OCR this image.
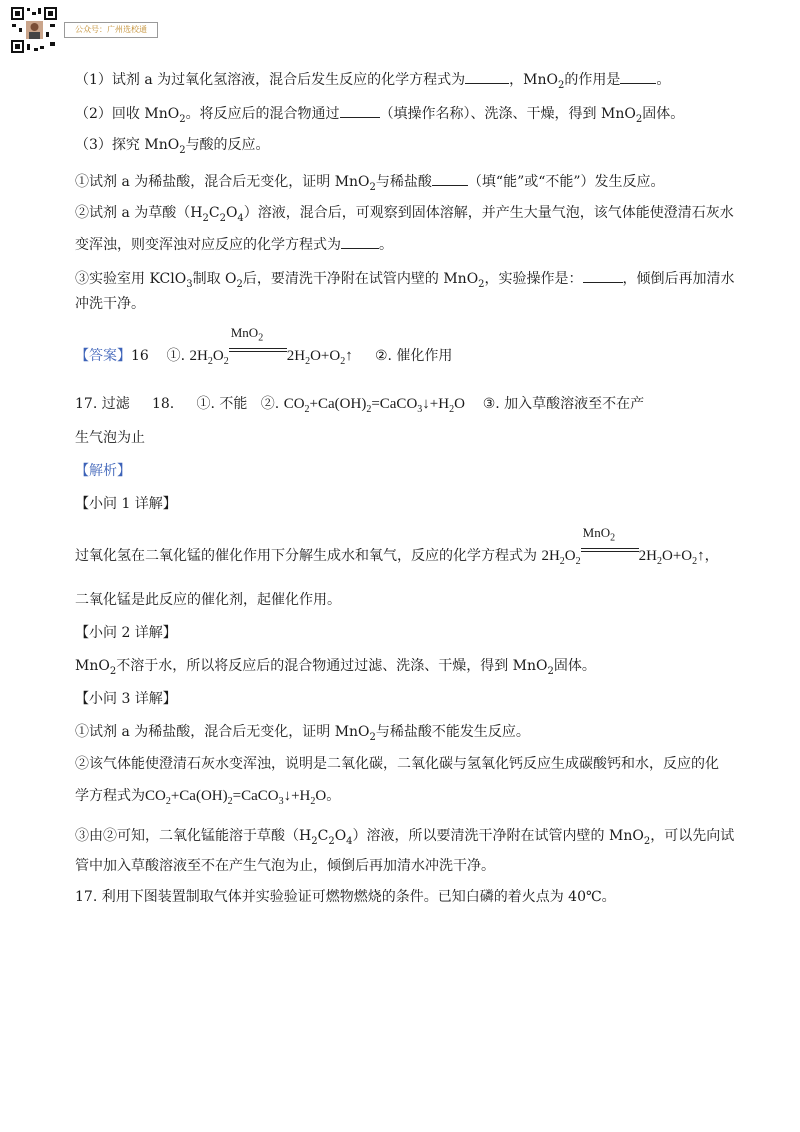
公众号：广州选校通
（1）试剂 a 为过氧化氢溶液，混合后发生反应的化学方程式为	，MnO$_2$的作用是	。
（2）回收 MnO$_2$。将反应后的混合物通过	（填操作名称）、洗涤、干燥，得到 MnO$_2$固体。
（3）探究 MnO$_2$与酸的反应。
①试剂 a 为稀盐酸，混合后无变化，证明 MnO$_2$与稀盐酸	（填“能”或“不能”）发生反应。
②试剂 a 为草酸$(H_2C_2O_4)$溶液，混合后，可观察到固体溶解，并产生大量气泡，该气体能使澄清石灰水
变浑浊，则变浑浊对应反应的化学方程式为	。
③实验室用 KClO$_3$制取 $O_2$后，要清洗干净附在试管内壁的 MnO$_2$，实验操作是：	，倾倒后再加清水
冲洗干净。
【答案】16 ①. $2H_2O_2$
MnO$_2$
$2H_2O+O_2↑$ ②. 催化作用
17. 过滤 18. ①. 不能 ②. $CO_2+Ca(OH)_2=CaCO_3↓+H_2O$ ③. 加入草酸溶液至不在产
生气泡为止
【解析】
【小问 1 详解】
过氧化氢在二氧化锰的催化作用下分解生成水和氧气，反应的化学方程式为 $2H_2O_2$
MnO$_2$
$2H_2O+O_2↑$，
二氧化锰是此反应的催化剂，起催化作用。
【小问 2 详解】
MnO$_2$不溶于水，所以将反应后的混合物通过过滤、洗涤、干燥，得到 MnO$_2$固体。
【小问 3 详解】
①试剂 a 为稀盐酸，混合后无变化，证明 MnO$_2$与稀盐酸不能发生反应。
②该气体能使澄清石灰水变浑浊，说明是二氧化碳，二氧化碳与氢氧化钙反应生成碳酸钙和水，反应的化
学方程式为$CO_2+Ca(OH)_2=CaCO_3↓+H_2O$。
③由②可知，二氧化锰能溶于草酸$(H_2C_2O_4)$溶液，所以要清洗干净附在试管内壁的 MnO$_2$，可以先向试
管中加入草酸溶液至不在产生气泡为止，倾倒后再加清水冲洗干净。
17. 利用下图装置制取气体并实验验证可燃物燃烧的条件。已知白磷的着火点为 40℃。
